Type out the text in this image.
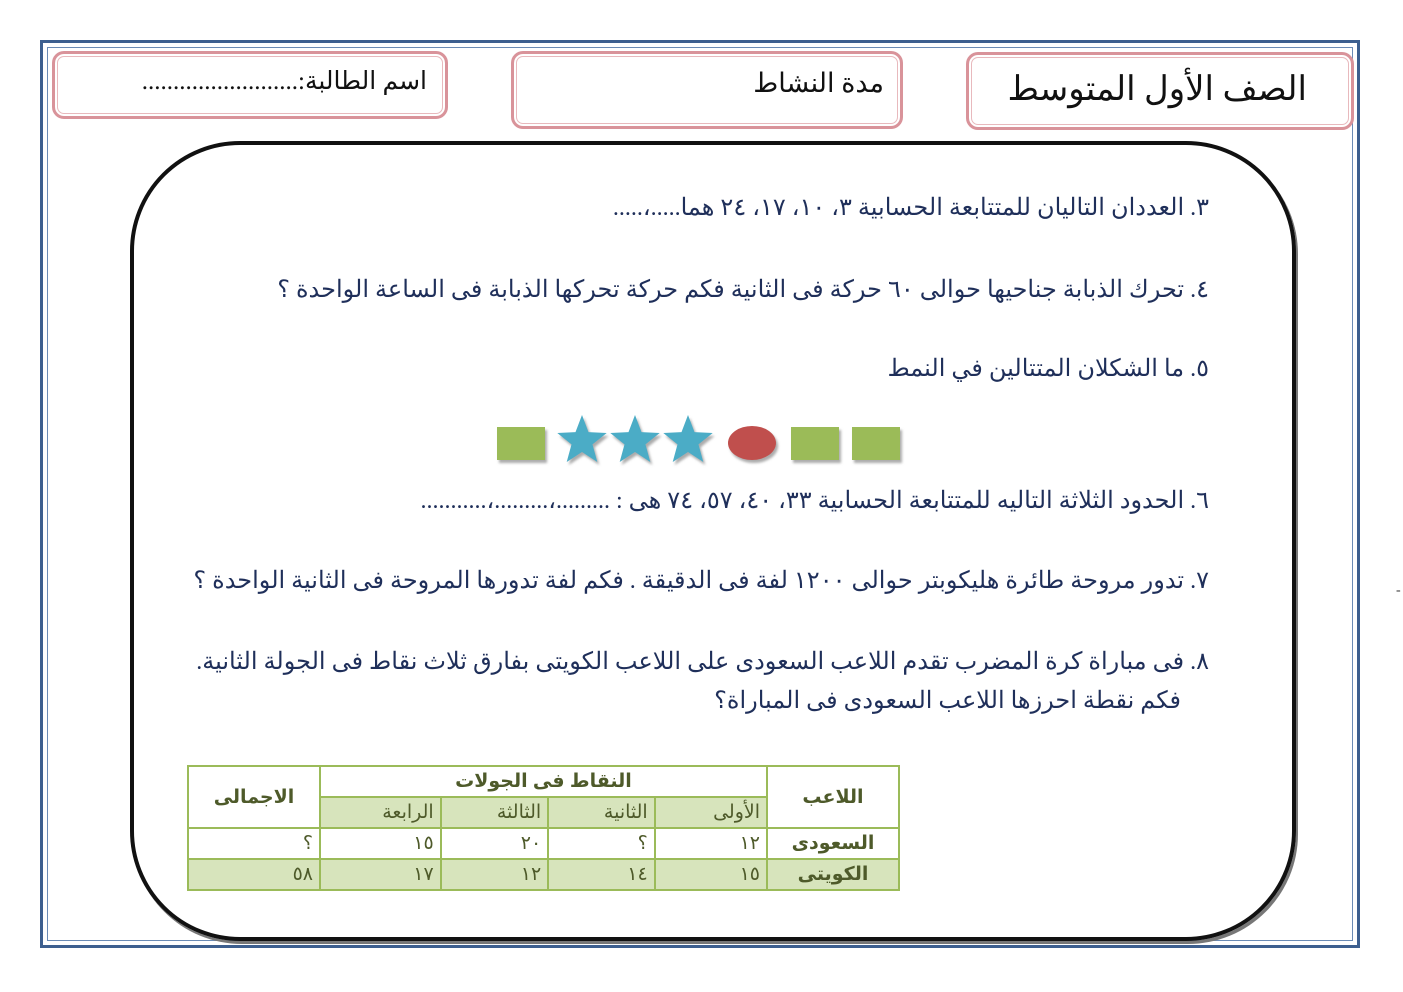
الصف الأول المتوسط
مدة النشاط
اسم الطالبة:.........................
٣. العددان التاليان للمتتابعة الحسابية ٣، ١٠، ١٧، ٢٤ هما.....،.....
٤. تحرك الذبابة جناحيها حوالى ٦٠ حركة فى الثانية فكم حركة تحركها الذبابة فى الساعة الواحدة ؟
٥. ما الشكلان المتتالين في النمط
٦. الحدود الثلاثة التاليه للمتتابعة الحسابية ٣٣، ٤٠، ٥٧، ٧٤ هى : .........،.........،...........
٧. تدور مروحة طائرة هليكوبتر حوالى ١٢٠٠ لفة فى الدقيقة . فكم لفة تدورها المروحة فى الثانية الواحدة ؟
٨. فى مباراة كرة المضرب تقدم اللاعب السعودى على اللاعب الكويتى بفارق ثلاث نقاط فى الجولة الثانية.
فكم نقطة احرزها اللاعب السعودى فى المباراة؟
-
اللاعب	النقاط فى الجولات				الاجمالى
	الأولى	الثانية	الثالثة	الرابعة	
السعودى	١٢	؟	٢٠	١٥	؟
الكويتى	١٥	١٤	١٢	١٧	٥٨
